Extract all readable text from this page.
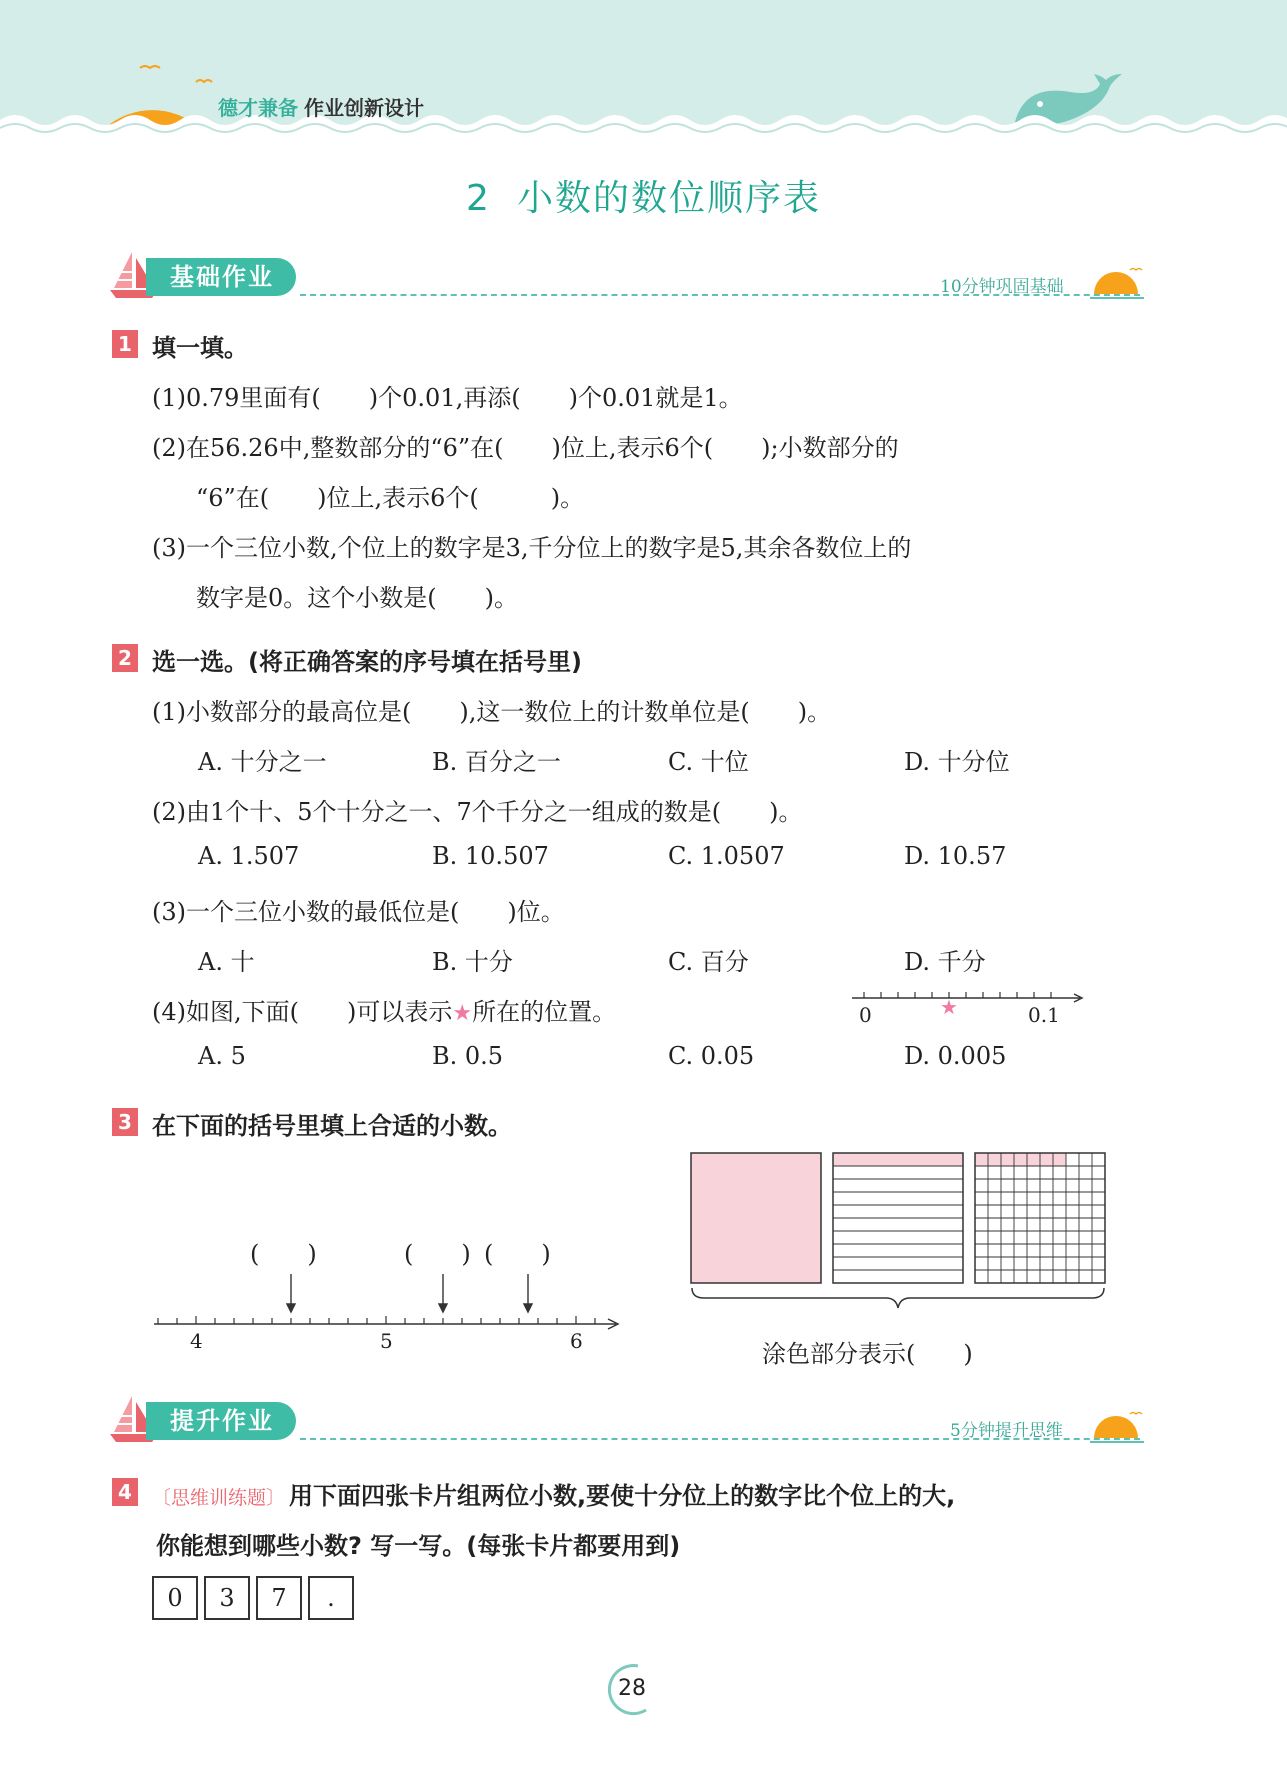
德才兼备 作业创新设计
2 小数的数位顺序表
基础作业	10分钟巩固基础
1 填一填。
(1)0.79里面有(　　)个0.01,再添(　　)个0.01就是1。
(2)在56.26中,整数部分的“6”在(　　)位上,表示6个(　　);小数部分的
“6”在(　　)位上,表示6个(　　　)。
(3)一个三位小数,个位上的数字是3,千分位上的数字是5,其余各数位上的
数字是0。这个小数是(　　)。
2 选一选。(将正确答案的序号填在括号里)
(1)小数部分的最高位是(　　),这一数位上的计数单位是(　　)。
A. 十分之一	B. 百分之一	C. 十位	D. 十分位
(2)由1个十、5个十分之一、7个千分之一组成的数是(　　)。
A. 1.507	B. 10.507	C. 1.0507	D. 10.57
(3)一个三位小数的最低位是(　　)位。
A. 十	B. 十分	C. 百分	D. 千分
(4)如图,下面(　　)可以表示★所在的位置。	0	0.1
★
A. 5	B. 0.5	C. 0.05	D. 0.005
3 在下面的括号里填上合适的小数。
(　　)	(　　) (　　)
4	5	6	涂色部分表示(　　)
提升作业	5分钟提升思维
4	〔思维训练题〕 用下面四张卡片组两位小数,要使十分位上的数字比个位上的大,
你能想到哪些小数? 写一写。(每张卡片都要用到)
0	3	7	.
28
